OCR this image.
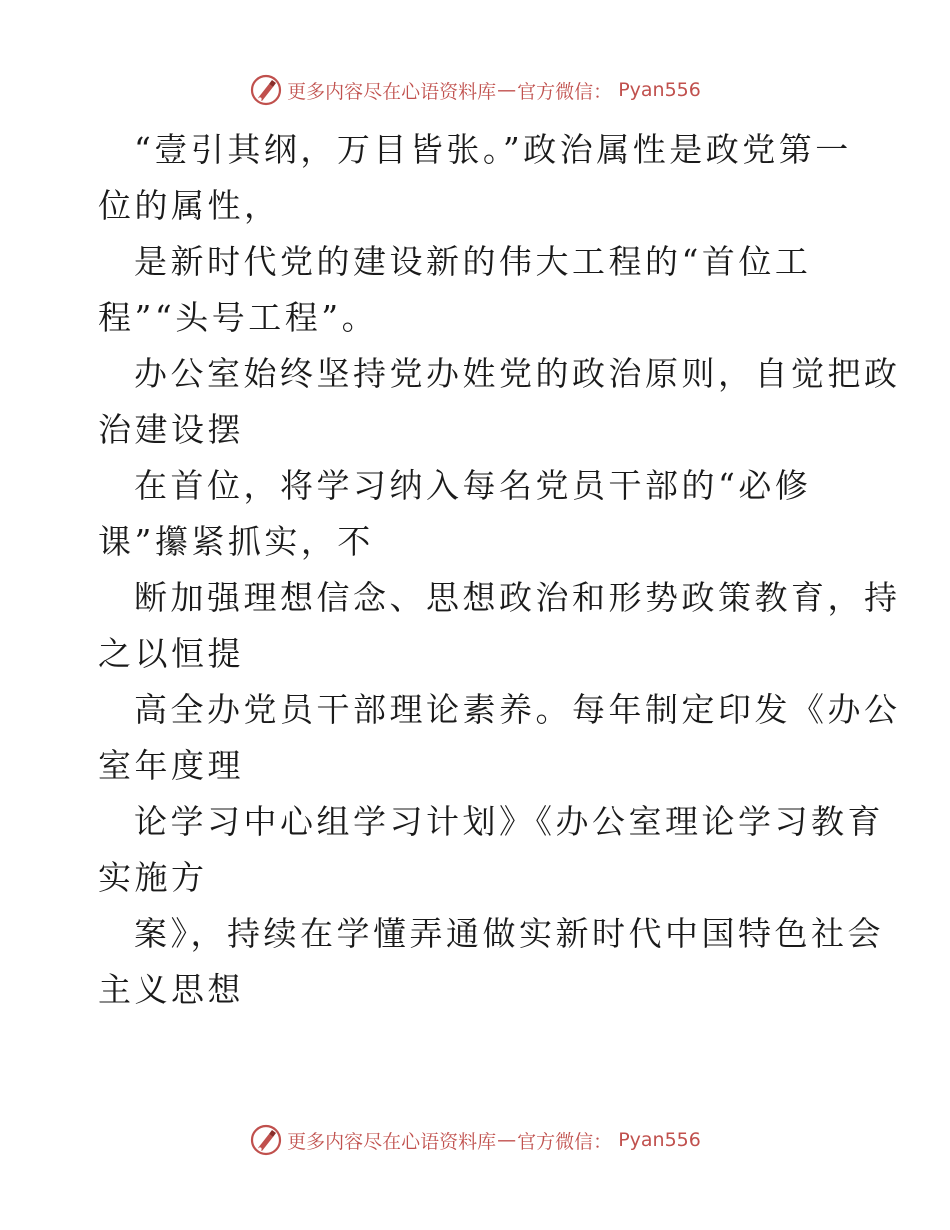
更多内容尽在心语资料库 — 官方微信： Pyan556
“壹引其纲，万目皆张。”政治属性是政党第一
位的属性，
是新时代党的建设新的伟大工程的“首位工
程”“头号工程”。
办公室始终坚持党办姓党的政治原则，自觉把政
治建设摆
在首位，将学习纳入每名党员干部的“必修
课”攥紧抓实，不
断加强理想信念、思想政治和形势政策教育，持
之以恒提
高全办党员干部理论素养。每年制定印发《办公
室年度理
论学习中心组学习计划》《办公室理论学习教育
实施方
案》，持续在学懂弄通做实新时代中国特色社会
主义思想
更多内容尽在心语资料库 — 官方微信： Pyan556
